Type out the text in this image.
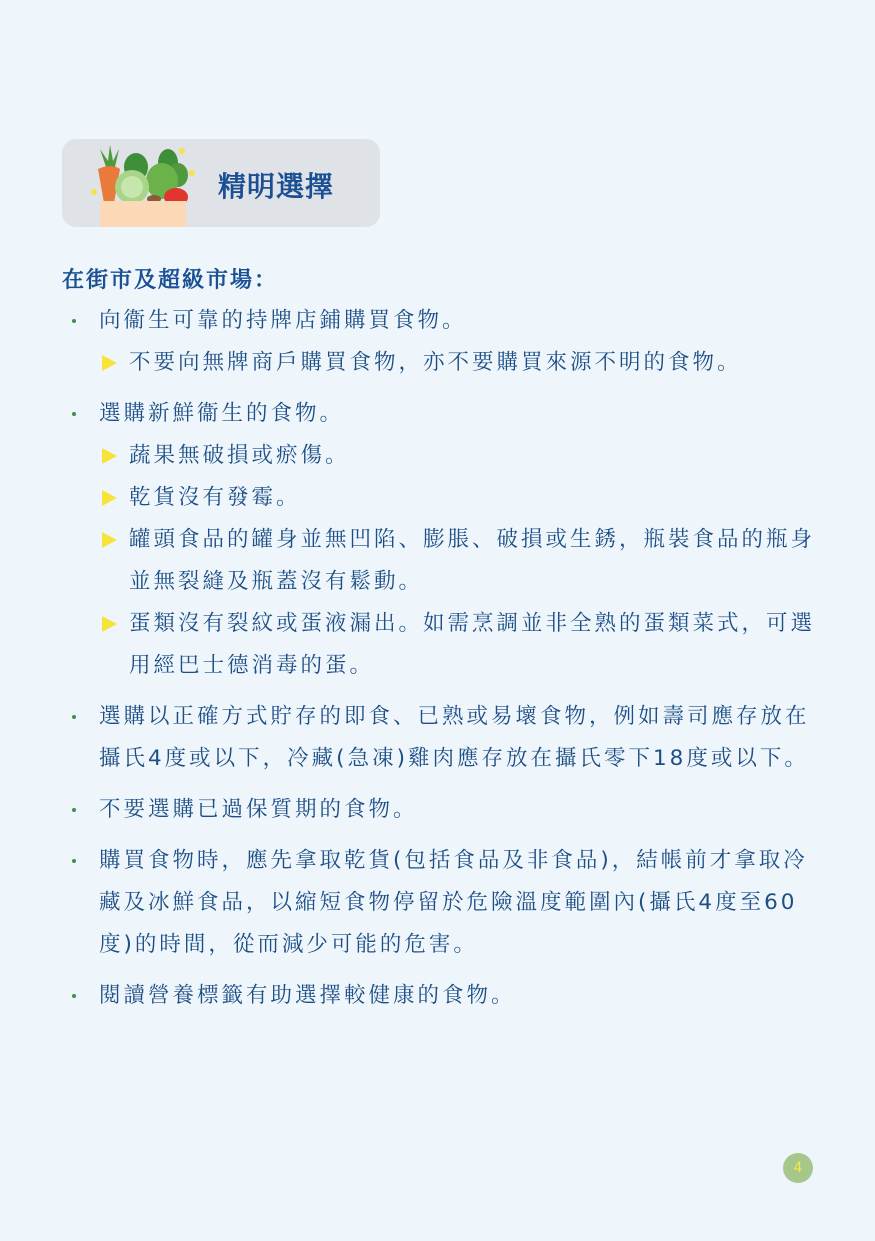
精明選擇
在街市及超級市場：
向衞生可靠的持牌店鋪購買食物。
不要向無牌商戶購買食物，亦不要購買來源不明的食物。
選購新鮮衞生的食物。
蔬果無破損或瘀傷。
乾貨沒有發霉。
罐頭食品的罐身並無凹陷、膨脹、破損或生銹，瓶裝食品的瓶身並無裂縫及瓶蓋沒有鬆動。
蛋類沒有裂紋或蛋液漏出。如需烹調並非全熟的蛋類菜式，可選用經巴士德消毒的蛋。
選購以正確方式貯存的即食、已熟或易壞食物，例如壽司應存放在攝氏4度或以下，冷藏(急凍)雞肉應存放在攝氏零下18度或以下。
不要選購已過保質期的食物。
購買食物時，應先拿取乾貨(包括食品及非食品)，結帳前才拿取冷藏及冰鮮食品，以縮短食物停留於危險溫度範圍內(攝氏4度至60度)的時間，從而減少可能的危害。
閱讀營養標籤有助選擇較健康的食物。
4
